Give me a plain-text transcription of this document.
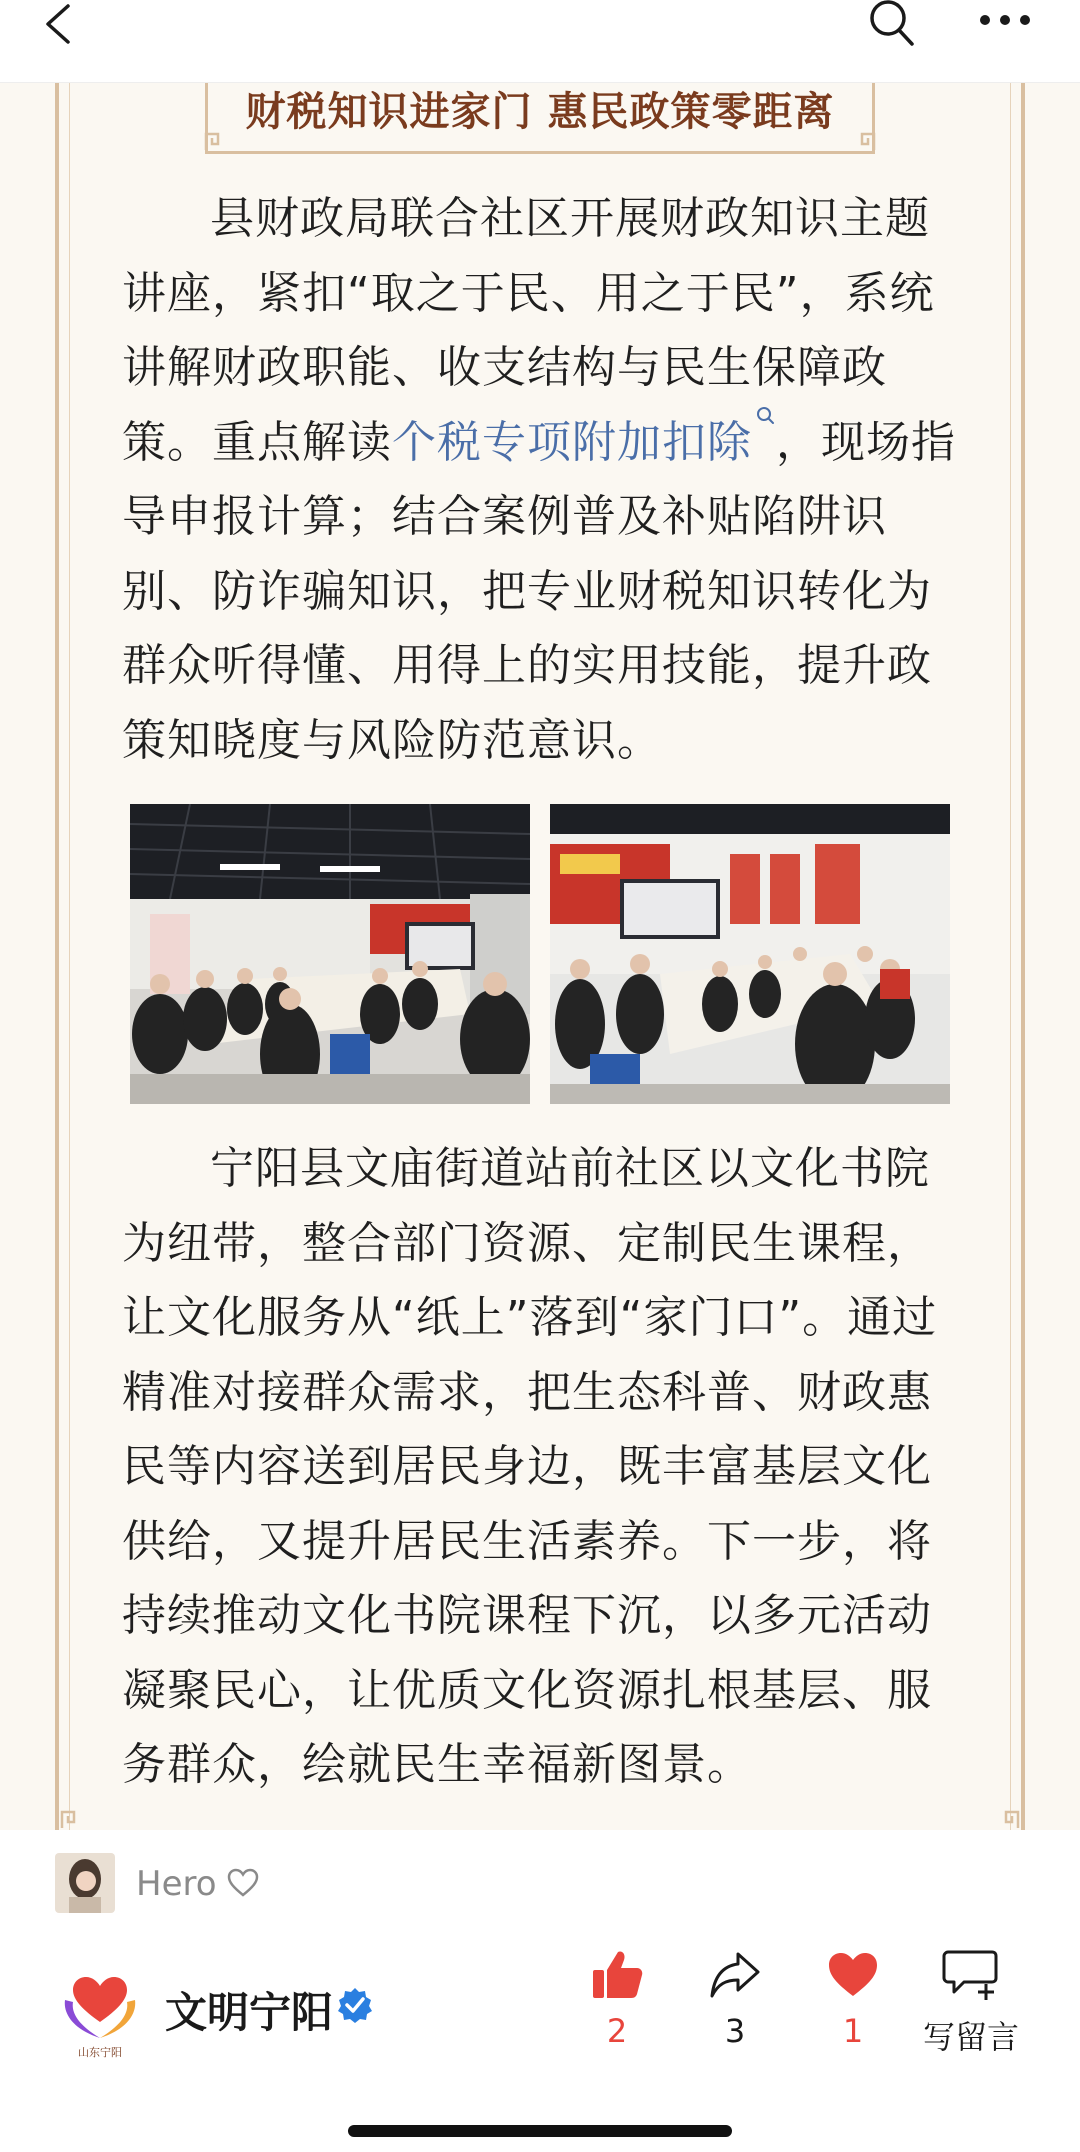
财税知识进家门 惠民政策零距离

县财政局联合社区开展财政知识主题讲座，紧扣“取之于民、用之于民”，系统讲解财政职能、收支结构与民生保障政策。重点解读个税专项附加扣除 ，现场指导申报计算；结合案例普及补贴陷阱识别、防诈骗知识，把专业财税知识转化为群众听得懂、用得上的实用技能，提升政策知晓度与风险防范意识。

宁阳县文庙街道站前社区以文化书院为纽带，整合部门资源、定制民生课程，让文化服务从“纸上”落到“家门口”。通过精准对接群众需求，把生态科普、财政惠民等内容送到居民身边，既丰富基层文化供给，又提升居民生活素养。下一步，将持续推动文化书院课程下沉，以多元活动凝聚民心，让优质文化资源扎根基层、服务群众，绘就民生幸福新图景。

Hero
山东宁阳
文明宁阳	2	3	1	写留言
